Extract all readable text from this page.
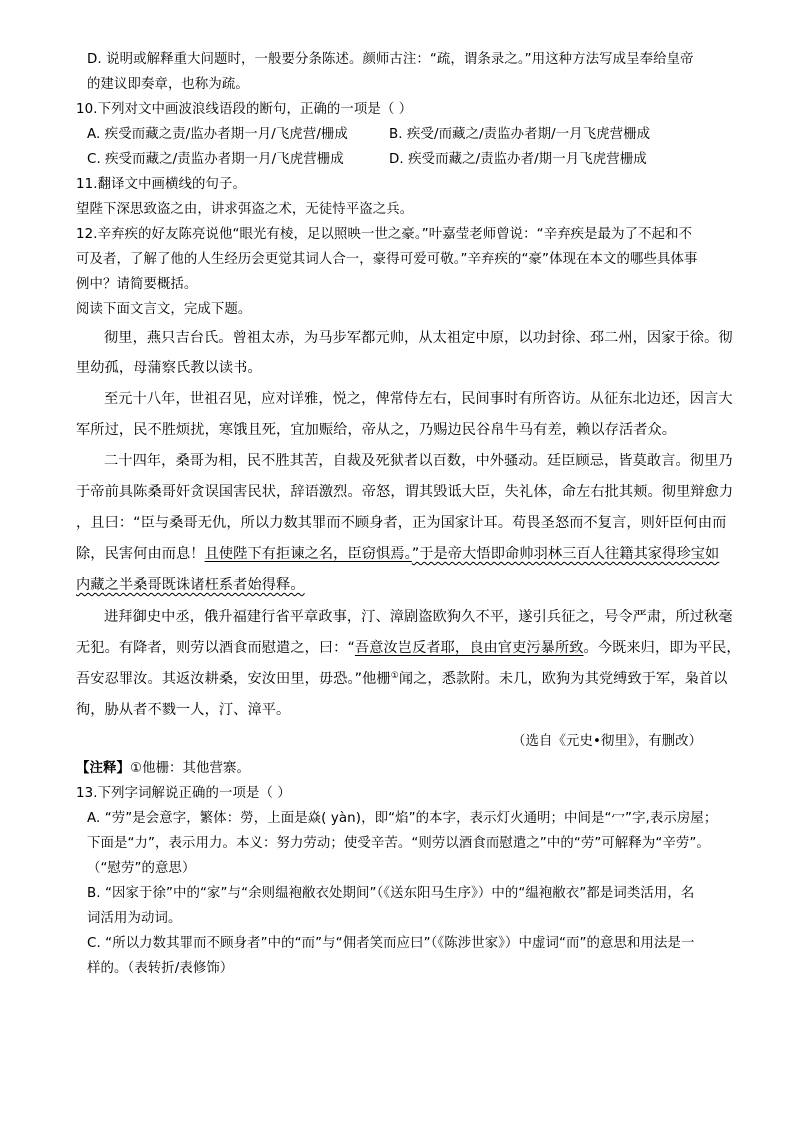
D. 说明或解释重大问题时，一般要分条陈述。颜师古注：“疏，谓条录之。”用这种方法写成呈奉给皇帝
的建议即奏章，也称为疏。
10.下列对文中画波浪线语段的断句，正确的一项是（ ）
A. 疾受而藏之责/监办者期一月/飞虎营/栅成	B. 疾受/而藏之/责监办者期/一月飞虎营栅成
C. 疾受而藏之/责监办者期一月/飞虎营栅成	D. 疾受而藏之/责监办者/期一月飞虎营栅成
11.翻译文中画横线的句子。
望陛下深思致盗之由，讲求弭盗之术，无徒恃平盗之兵。
12.辛弃疾的好友陈亮说他“眼光有棱，足以照映一世之豪。”叶嘉莹老师曾说：“辛弃疾是最为了不起和不
可及者，了解了他的人生经历会更觉其词人合一，豪得可爱可敬。”辛弃疾的“豪”体现在本文的哪些具体事
例中？请简要概括。
阅读下面文言文，完成下题。
彻里，燕只吉台氏。曾祖太赤，为马步军都元帅，从太祖定中原，以功封徐、邳二州，因家于徐。彻
里幼孤，母蒲察氏教以读书。
至元十八年，世祖召见，应对详雅，悦之，俾常侍左右，民间事时有所咨访。从征东北边还，因言大
军所过，民不胜烦扰，寒饿且死，宜加赈给，帝从之，乃赐边民谷帛牛马有差，赖以存活者众。
二十四年，桑哥为相，民不胜其苦，自裁及死狱者以百数，中外骚动。廷臣顾忌，皆莫敢言。彻里乃
于帝前具陈桑哥奸贪误国害民状，辞语激烈。帝怒，谓其毁诋大臣，失礼体，命左右批其颊。彻里辩愈力
，且曰：“臣与桑哥无仇，所以力数其罪而不顾身者，正为国家计耳。苟畏圣怒而不复言，则奸臣何由而
除，民害何由而息！且使陛下有拒谏之名，臣窃惧焉。”于是帝大悟即命帅羽林三百人往籍其家得珍宝如
内藏之半桑哥既诛诸枉系者始得释。
进拜御史中丞，俄升福建行省平章政事，汀、漳剧盗欧狗久不平，遂引兵征之，号令严肃，所过秋毫
无犯。有降者，则劳以酒食而慰遣之，曰：“吾意汝岂反者耶，良由官吏污暴所致。今既来归，即为平民，
吾安忍罪汝。其返汝耕桑，安汝田里，毋恐。”他栅①闻之，悉款附。未几，欧狗为其党缚致于军，枭首以
徇，胁从者不戮一人，汀、漳平。
（选自《元史•彻里》，有删改）
【注释】①他栅：其他营寨。
13.下列字词解说正确的一项是（ ）
A. “劳”是会意字，繁体：勞，上面是焱( yàn)，即“焰”的本字，表示灯火通明；中间是“冖”字,表示房屋；
下面是“力”，表示用力。本义：努力劳动；使受辛苦。“则劳以酒食而慰遣之”中的“劳”可解释为“辛劳”。
（“慰劳”的意思）
B. “因家于徐”中的“家”与“余则缊袍敝衣处期间”（《送东阳马生序》）中的“缊袍敝衣”都是词类活用，名
词活用为动词。
C. “所以力数其罪而不顾身者”中的“而”与“佣者笑而应曰”（《陈涉世家》）中虚词“而”的意思和用法是一
样的。（表转折/表修饰）
